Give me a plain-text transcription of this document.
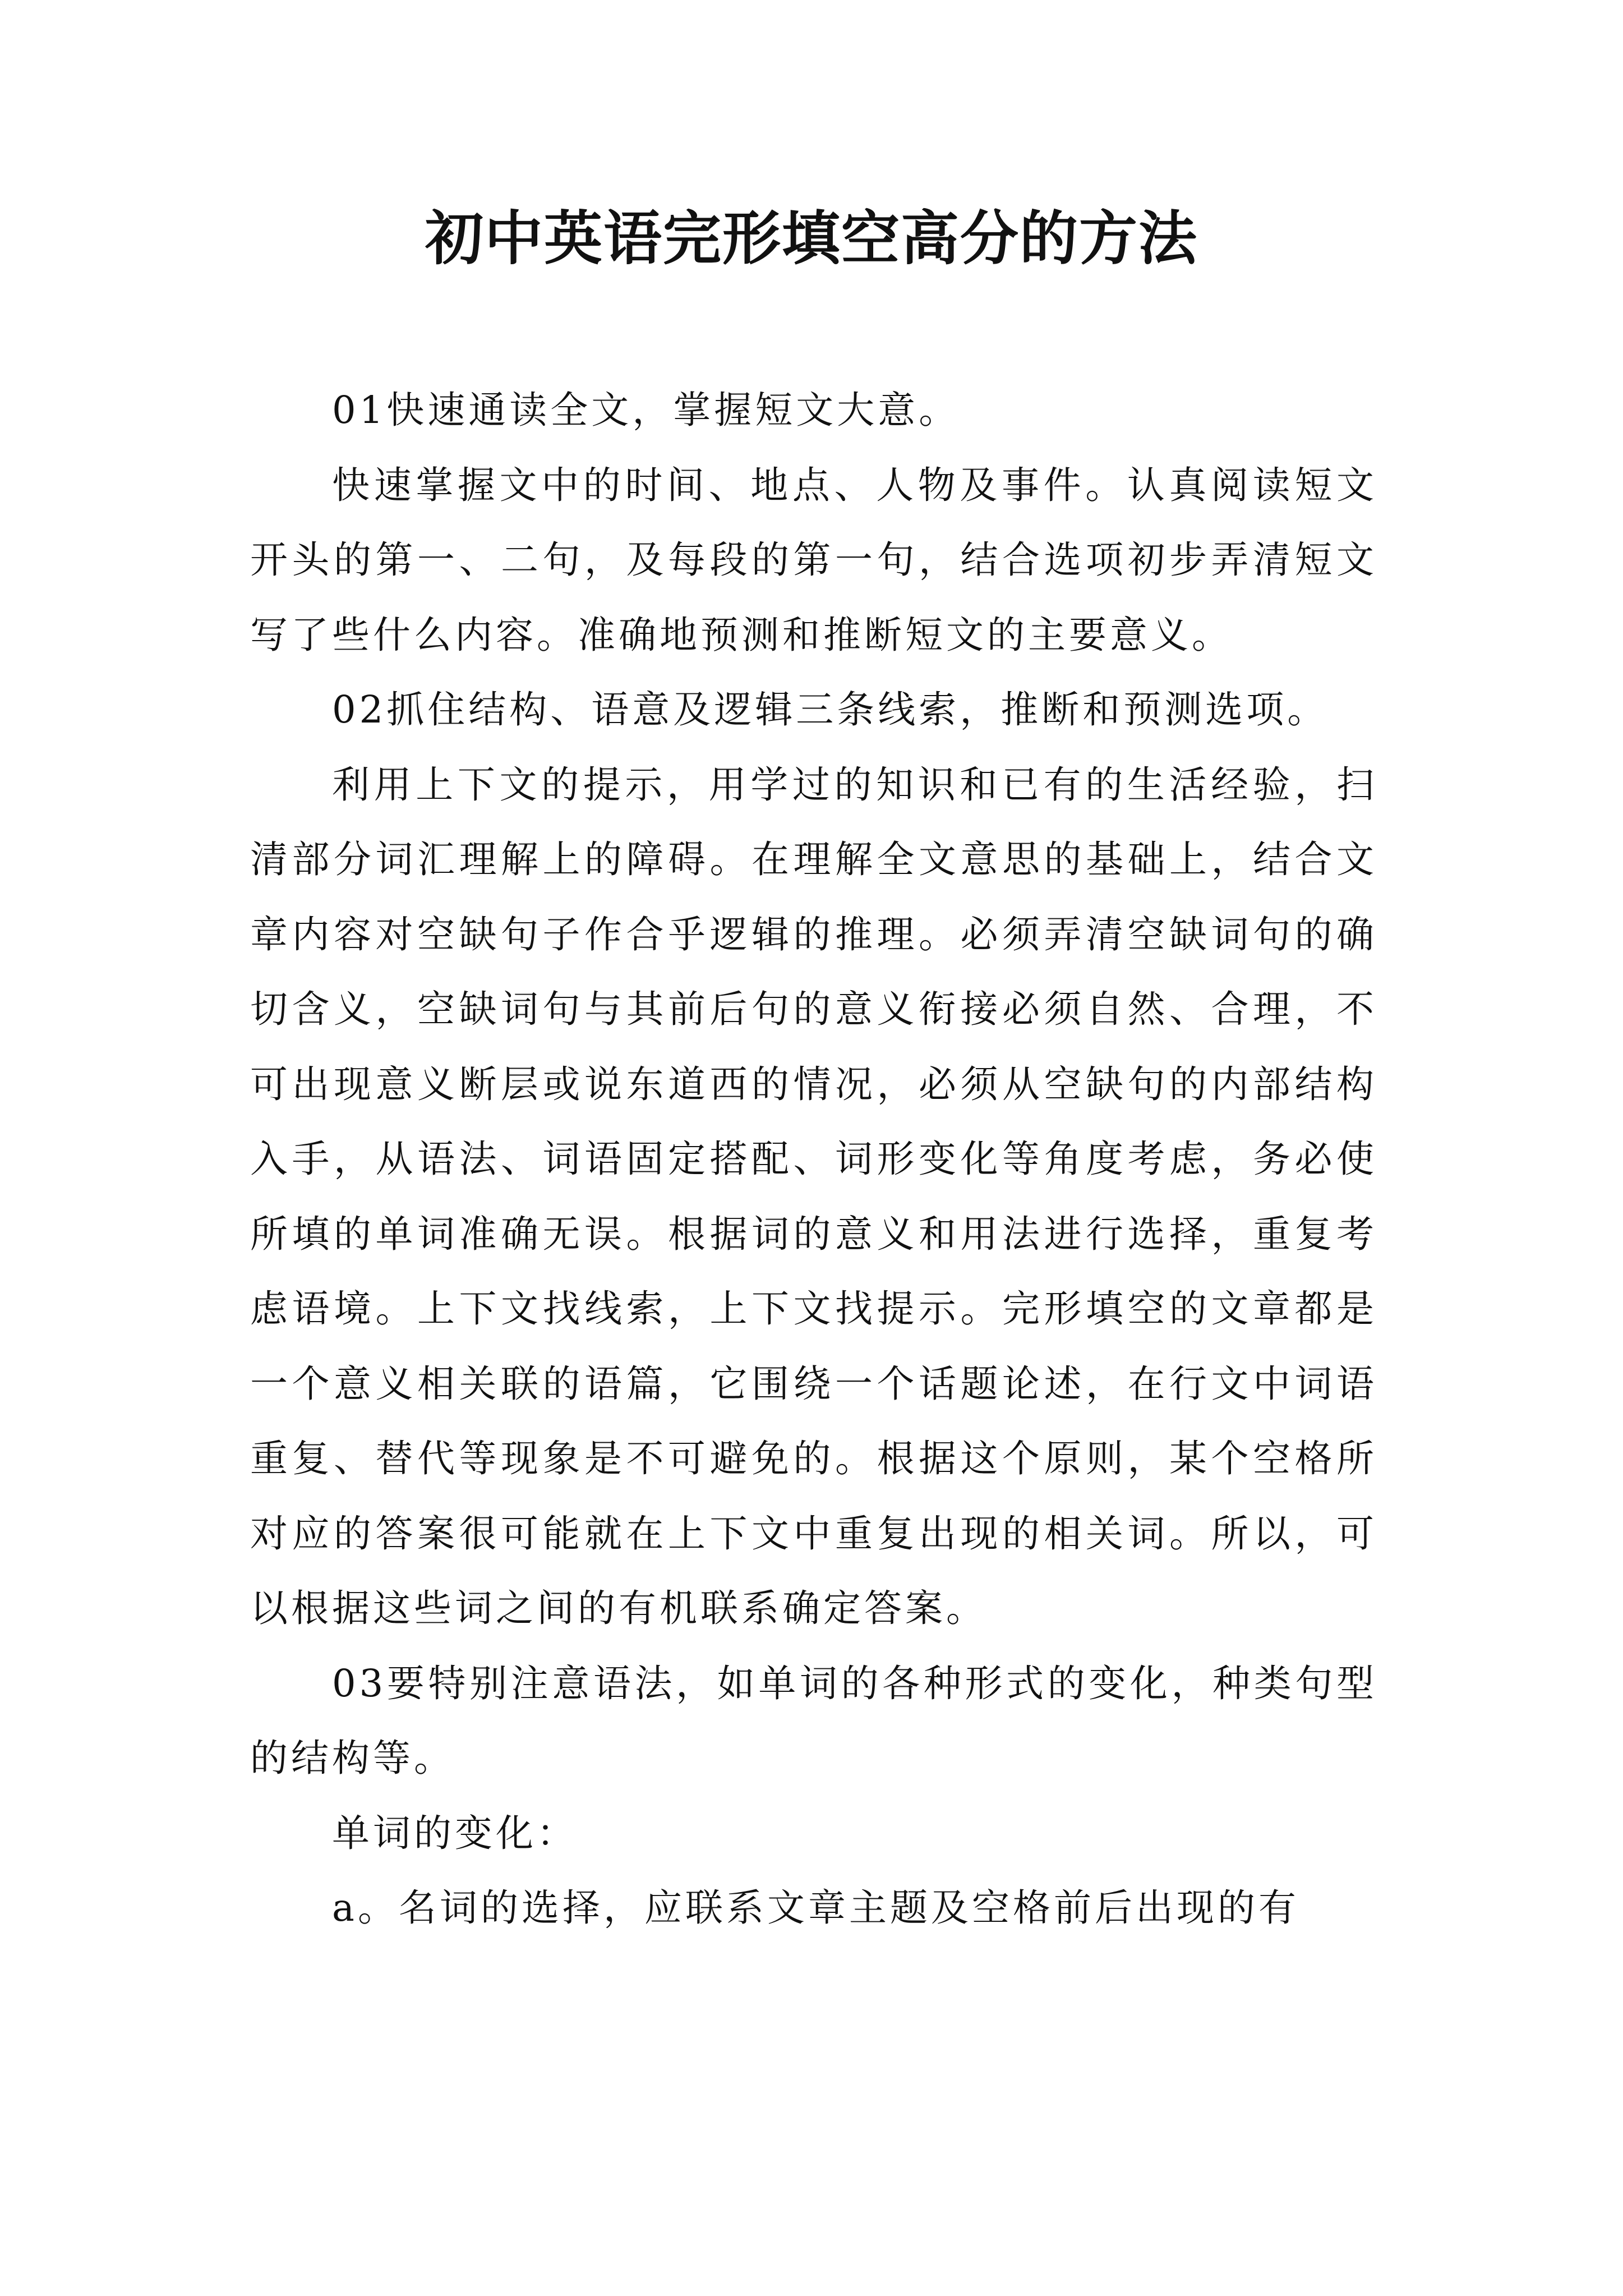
初中英语完形填空高分的方法

01快速通读全文，掌握短文大意。

快速掌握文中的时间、地点、人物及事件。认真阅读短文开头的第一、二句，及每段的第一句，结合选项初步弄清短文写了些什么内容。准确地预测和推断短文的主要意义。

02抓住结构、语意及逻辑三条线索，推断和预测选项。

利用上下文的提示，用学过的知识和已有的生活经验，扫清部分词汇理解上的障碍。在理解全文意思的基础上，结合文章内容对空缺句子作合乎逻辑的推理。必须弄清空缺词句的确切含义，空缺词句与其前后句的意义衔接必须自然、合理，不可出现意义断层或说东道西的情况，必须从空缺句的内部结构入手，从语法、词语固定搭配、词形变化等角度考虑，务必使所填的单词准确无误。根据词的意义和用法进行选择，重复考虑语境。上下文找线索，上下文找提示。完形填空的文章都是一个意义相关联的语篇，它围绕一个话题论述，在行文中词语重复、替代等现象是不可避免的。根据这个原则，某个空格所对应的答案很可能就在上下文中重复出现的相关词。所以，可以根据这些词之间的有机联系确定答案。

03要特别注意语法，如单词的各种形式的变化，种类句型的结构等。

单词的变化：

a。名词的选择，应联系文章主题及空格前后出现的有
